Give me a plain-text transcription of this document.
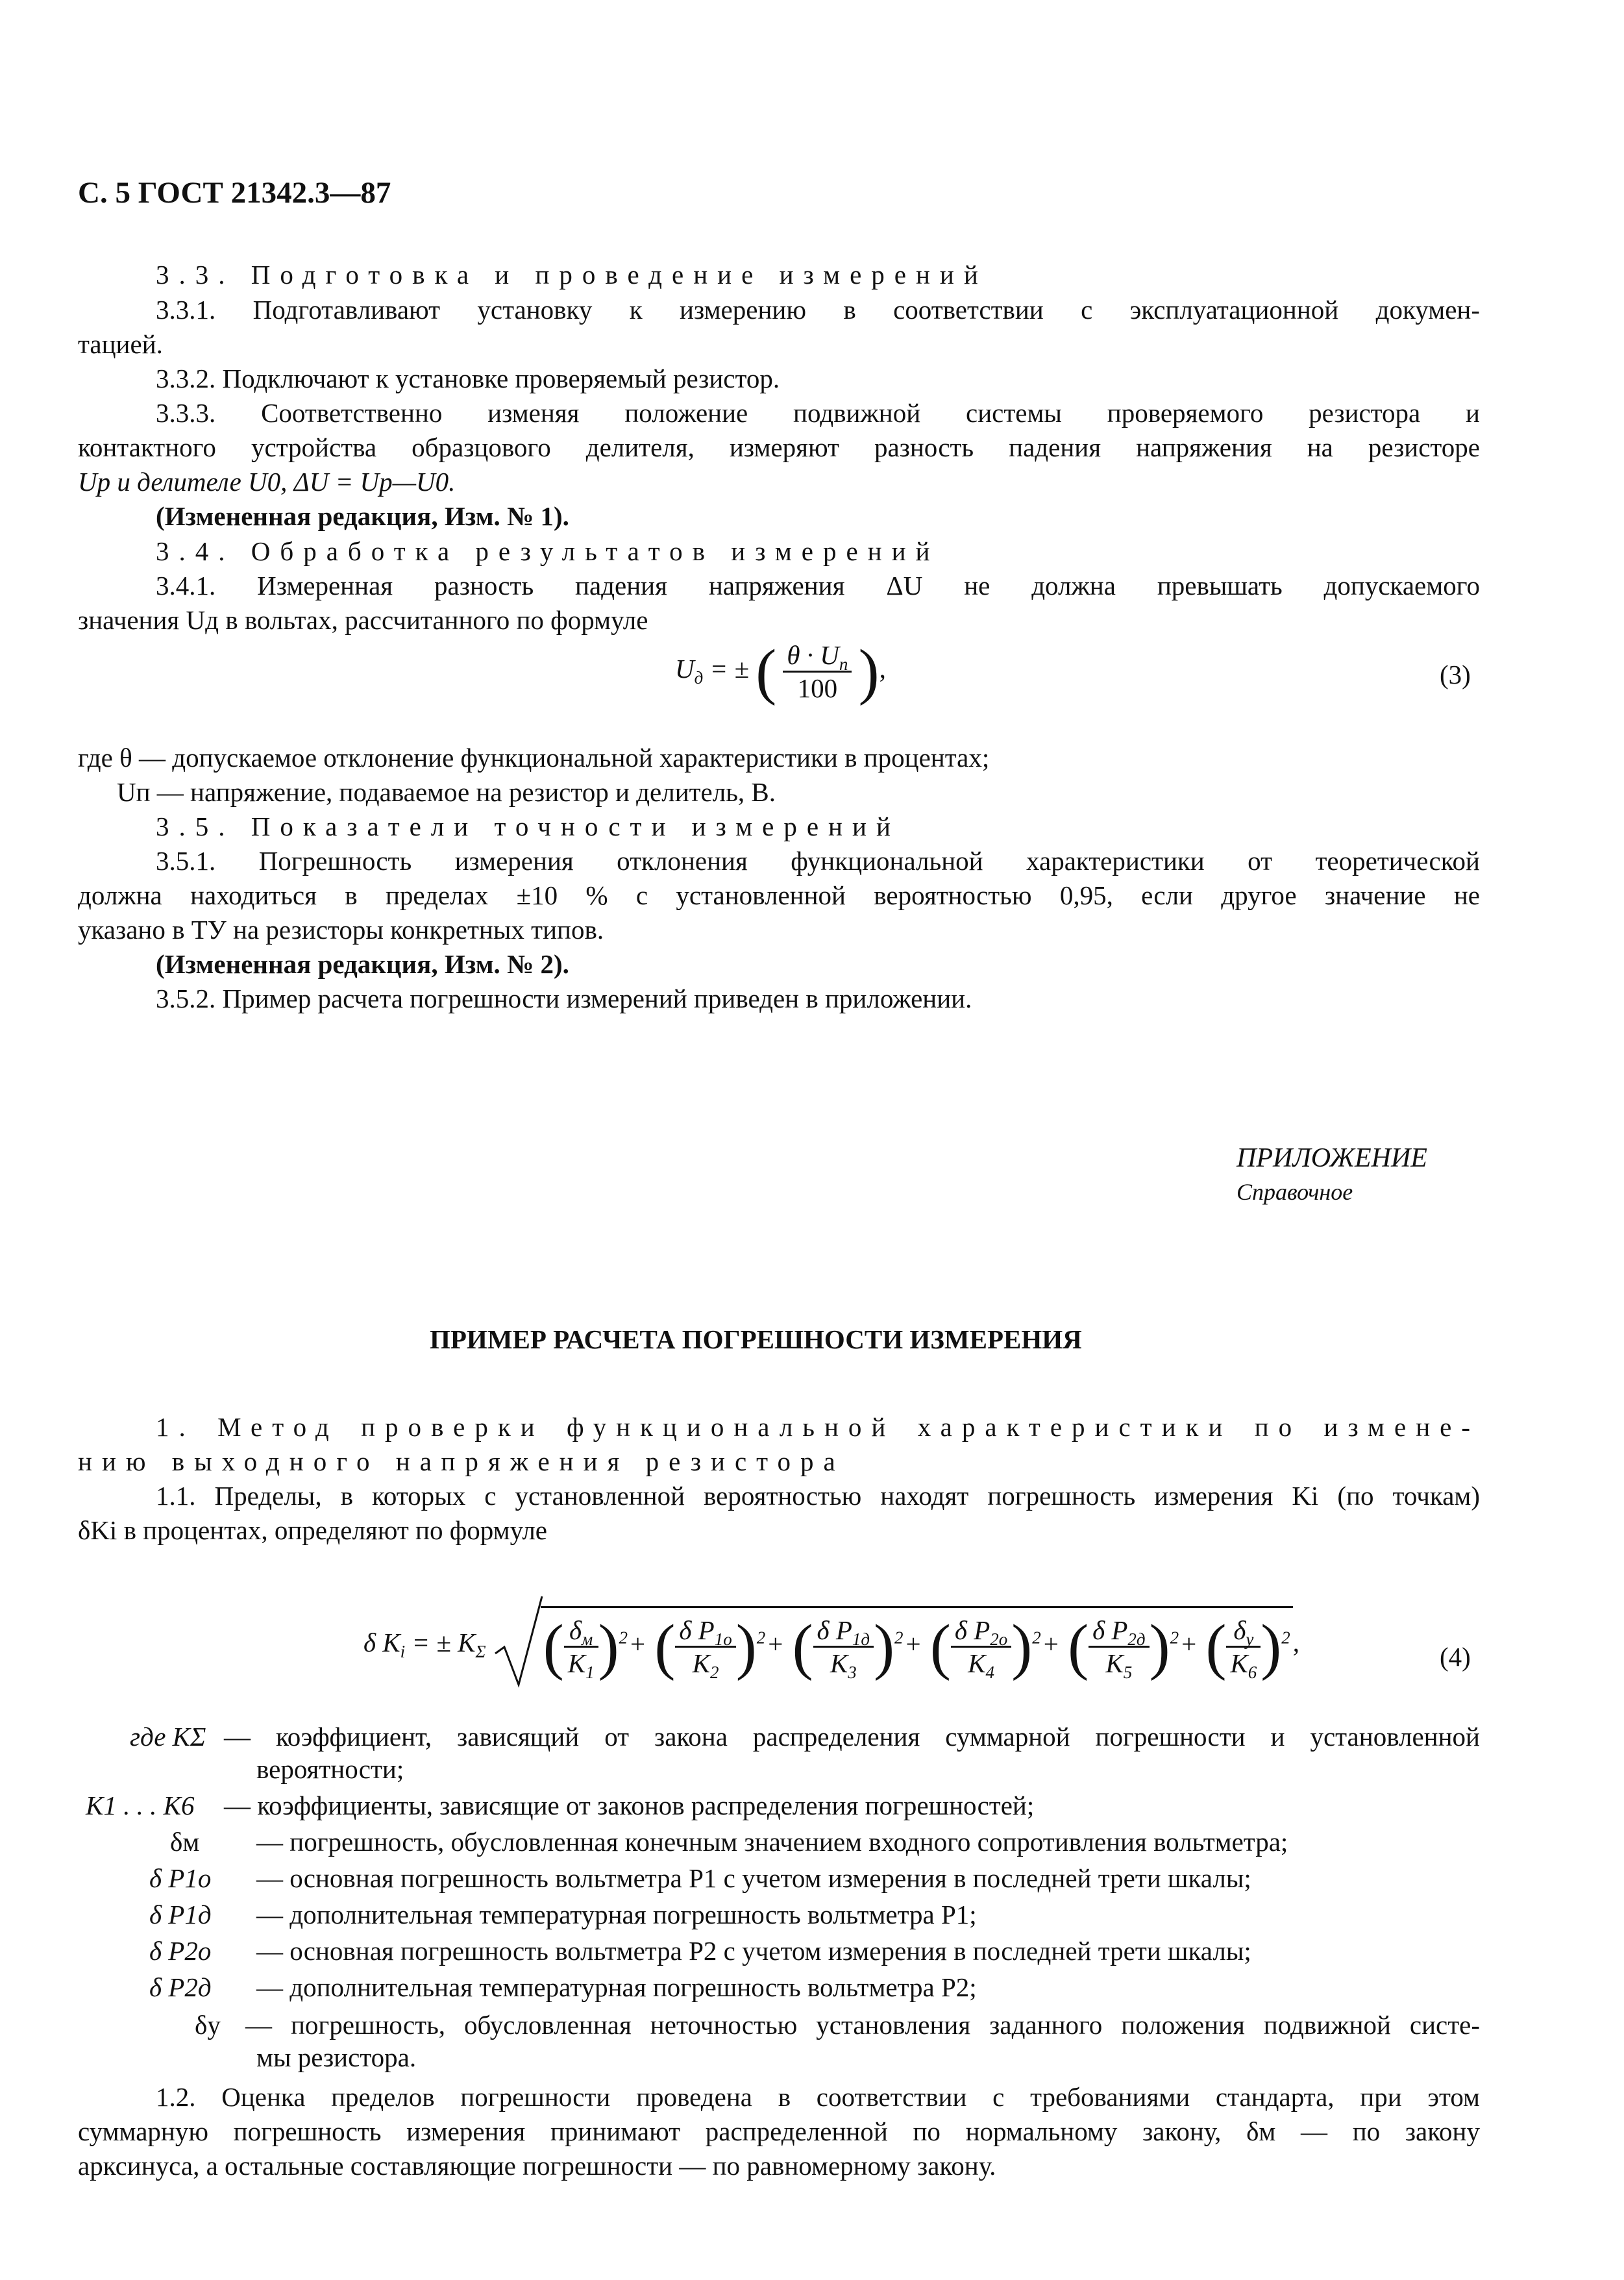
С. 5 ГОСТ 21342.3—87
3.3. Подготовка и проведение измерений
3.3.1. Подготавливают установку к измерению в соответствии с эксплуатационной докумен-
тацией.
3.3.2. Подключают к установке проверяемый резистор.
3.3.3. Соответственно изменяя положение подвижной системы проверяемого резистора и
контактного устройства образцового делителя, измеряют разность падения напряжения на резисторе
Up и делителе U0, ΔU = Up—U0.
(Измененная редакция, Изм. № 1).
3.4. Обработка результатов измерений
3.4.1. Измеренная разность падения напряжения ΔU не должна превышать допускаемого
значения Uд в вольтах, рассчитанного по формуле
$U_д$ = ± ( $\frac{\theta \cdot U_п}{100}$ ),	(3)
где θ — допускаемое отклонение функциональной характеристики в процентах;
Uп — напряжение, подаваемое на резистор и делитель, В.
3.5. Показатели точности измерений
3.5.1. Погрешность измерения отклонения функциональной характеристики от теоретической
должна находиться в пределах ±10 % с установленной вероятностью 0,95, если другое значение не
указано в ТУ на резисторы конкретных типов.
(Измененная редакция, Изм. № 2).
3.5.2. Пример расчета погрешности измерений приведен в приложении.
ПРИЛОЖЕНИЕ
Справочное
ПРИМЕР РАСЧЕТА ПОГРЕШНОСТИ ИЗМЕРЕНИЯ
1. Метод проверки функциональной характеристики по измене-
нию выходного напряжения резистора
1.1. Пределы, в которых с установленной вероятностью находят погрешность измерения Ki (по точкам)
δKi в процентах, определяют по формуле
δ $K_i$ = ± $K_\Sigma$ ( $\frac{\delta_м}{K_1} )^2+$ ( $\frac{\delta P_{1о}}{K_2} )^2+$ ( $\frac{\delta P_{1д}}{K_3} )^2+$ ( $\frac{\delta P_{2о}}{K_4} )^2+$ ( $\frac{\delta P_{2д}}{K_5} )^2+$ ( $\frac{\delta_у}{K_6} )^2$,	(4)
где KΣ — коэффициент, зависящий от закона распределения суммарной погрешности и установленной
вероятности;
K1 . . . K6 — коэффициенты, зависящие от законов распределения погрешностей;
δм — погрешность, обусловленная конечным значением входного сопротивления вольтметра;
δ P1о — основная погрешность вольтметра P1 с учетом измерения в последней трети шкалы;
δ P1д — дополнительная температурная погрешность вольтметра P1;
δ P2о — основная погрешность вольтметра P2 с учетом измерения в последней трети шкалы;
δ P2д — дополнительная температурная погрешность вольтметра P2;
δу — погрешность, обусловленная неточностью установления заданного положения подвижной систе-
мы резистора.
1.2. Оценка пределов погрешности проведена в соответствии с требованиями стандарта, при этом
суммарную погрешность измерения принимают распределенной по нормальному закону, δм — по закону
арксинуса, а остальные составляющие погрешности — по равномерному закону.
